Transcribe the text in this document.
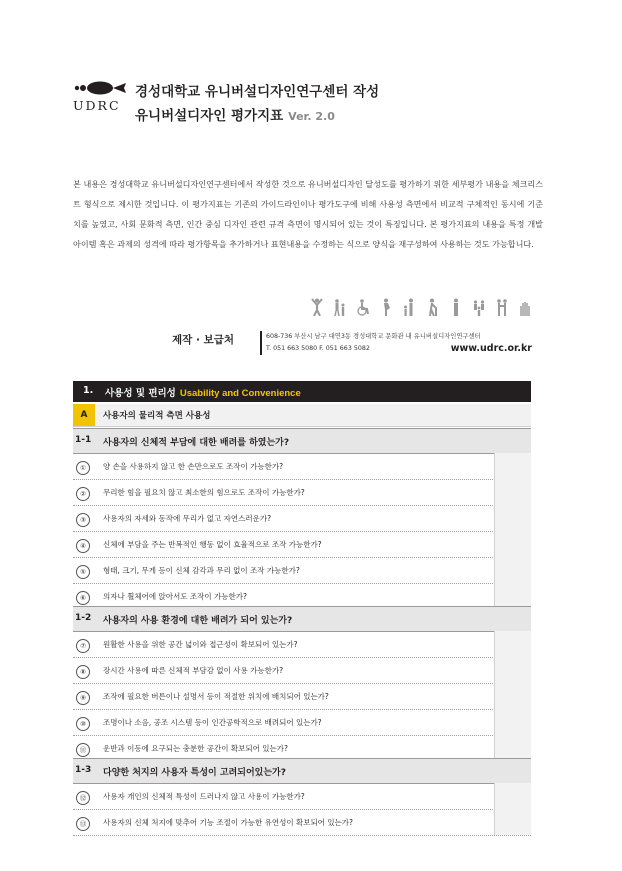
UDRC
경성대학교 유니버설디자인연구센터 작성
유니버설디자인 평가지표 Ver. 2.0
본 내용은 경성대학교 유니버설디자인연구센터에서 작성한 것으로 유니버설디자인 달성도를 평가하기 위한 세부평가 내용을 체크리스트 형식으로 제시한 것입니다. 이 평가지표는 기존의 가이드라인이나 평가도구에 비해 사용성 측면에서 비교적 구체적인 동시에 기준치를 높였고, 사회 문화적 측면, 인간 중심 디자인 관련 규격 측면이 명시되어 있는 것이 특징입니다. 본 평가지표의 내용을 특정 개발 아이템 혹은 과제의 성격에 따라 평가항목을 추가하거나 표현내용을 수정하는 식으로 양식을 재구성하여 사용하는 것도 가능합니다.
제작 · 보급처	608-736 부산시 남구 대연3동 경성대학교 문화관 내 유니버설디자인연구센터
T. 051 663 5080 F. 051 663 5082	www.udrc.or.kr
1. 사용성 및 편리성 Usability and Convenience
A	사용자의 물리적 측면 사용성
1-1 사용자의 신체적 부담에 대한 배려를 하였는가?
①	양 손을 사용하지 않고 한 손만으로도 조작이 가능한가?
②	무리한 힘을 필요치 않고 최소한의 힘으로도 조작이 가능한가?
③	사용자의 자세와 동작에 무리가 없고 자연스러운가?
④	신체에 부담을 주는 반복적인 행동 없이 효율적으로 조작 가능한가?
⑤	형태, 크기, 무게 등이 신체 감각과 무리 없이 조작 가능한가?
⑥	의자나 휠체어에 앉아서도 조작이 가능한가?
1-2 사용자의 사용 환경에 대한 배려가 되어 있는가?
⑦	원활한 사용을 위한 공간 넓이와 접근성이 확보되어 있는가?
⑧	장시간 사용에 따른 신체적 부담감 없이 사용 가능한가?
⑨	조작에 필요한 버튼이나 설명서 등이 적절한 위치에 배치되어 있는가?
⑩	조명이나 소음, 공조 시스템 등이 인간공학적으로 배려되어 있는가?
⑪	운반과 이동에 요구되는 충분한 공간이 확보되어 있는가?
1-3 다양한 처지의 사용자 특성이 고려되어있는가?
⑫	사용자 개인의 신체적 특성이 드러나지 않고 사용이 가능한가?
⑬	사용자의 신체 처지에 맞추어 기능 조절이 가능한 유연성이 확보되어 있는가?
